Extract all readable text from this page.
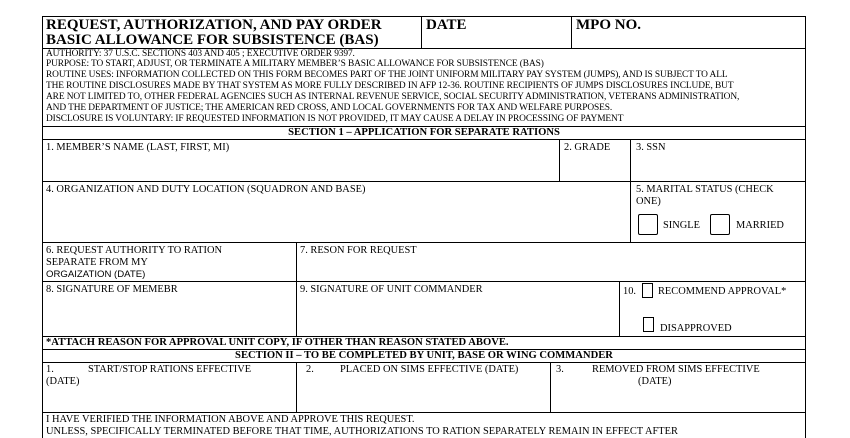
REQUEST, AUTHORIZATION, AND PAY ORDER
BASIC ALLOWANCE FOR SUBSISTENCE (BAS)
DATE	MPO NO.
AUTHORITY: 37 U.S.C. SECTIONS 403 AND 405 ; EXECUTIVE ORDER 9397.
PURPOSE: TO START, ADJUST, OR TERMINATE A MILITARY MEMBER’S BASIC ALLOWANCE FOR SUBSISTENCE (BAS)
ROUTINE USES: INFORMATION COLLECTED ON THIS FORM BECOMES PART OF THE JOINT UNIFORM MILITARY PAY SYSTEM (JUMPS), AND IS SUBJECT TO ALL
THE ROUTINE DISCLOSURES MADE BY THAT SYSTEM AS MORE FULLY DESCRIBED IN AFP 12-36. ROUTINE RECIPIENTS OF JUMPS DISCLOSURES INCLUDE, BUT
ARE NOT LIMITED TO, OTHER FEDERAL AGENCIES SUCH AS INTERNAL REVENUE SERVICE, SOCIAL SECURITY ADMINISTRATION, VETERANS ADMINISTRATION,
AND THE DEPARTMENT OF JUSTICE; THE AMERICAN RED CROSS, AND LOCAL GOVERNMENTS FOR TAX AND WELFARE PURPOSES.
DISCLOSURE IS VOLUNTARY: IF REQUESTED INFORMATION IS NOT PROVIDED, IT MAY CAUSE A DELAY IN PROCESSING OF PAYMENT
SECTION 1 – APPLICATION FOR SEPARATE RATIONS
1. MEMBER’S NAME (LAST, FIRST, MI)	2. GRADE 3. SSN
4. ORGANIZATION AND DUTY LOCATION (SQUADRON AND BASE)	5. MARITAL STATUS (CHECK
ONE)
SINGLE	MARRIED
6. REQUEST AUTHORITY TO RATION
SEPARATE FROM MY
ORGAIZATION (DATE)
7. RESON FOR REQUEST
8. SIGNATURE OF MEMEBR	9. SIGNATURE OF UNIT COMMANDER	10. RECOMMEND APPROVAL*
DISAPPROVED
*ATTACH REASON FOR APPROVAL UNIT COPY, IF OTHER THAN REASON STATED ABOVE.
SECTION II – TO BE COMPLETED BY UNIT, BASE OR WING COMMANDER
1.	START/STOP RATIONS EFFECTIVE
(DATE)
2.	PLACED ON SIMS EFFECTIVE (DATE)	3.	REMOVED FROM SIMS EFFECTIVE
(DATE)
I HAVE VERIFIED THE INFORMATION ABOVE AND APPROVE THIS REQUEST.
UNLESS, SPECIFICALLY TERMINATED BEFORE THAT TIME, AUTHORIZATIONS TO RATION SEPARATELY REMAIN IN EFFECT AFTER
